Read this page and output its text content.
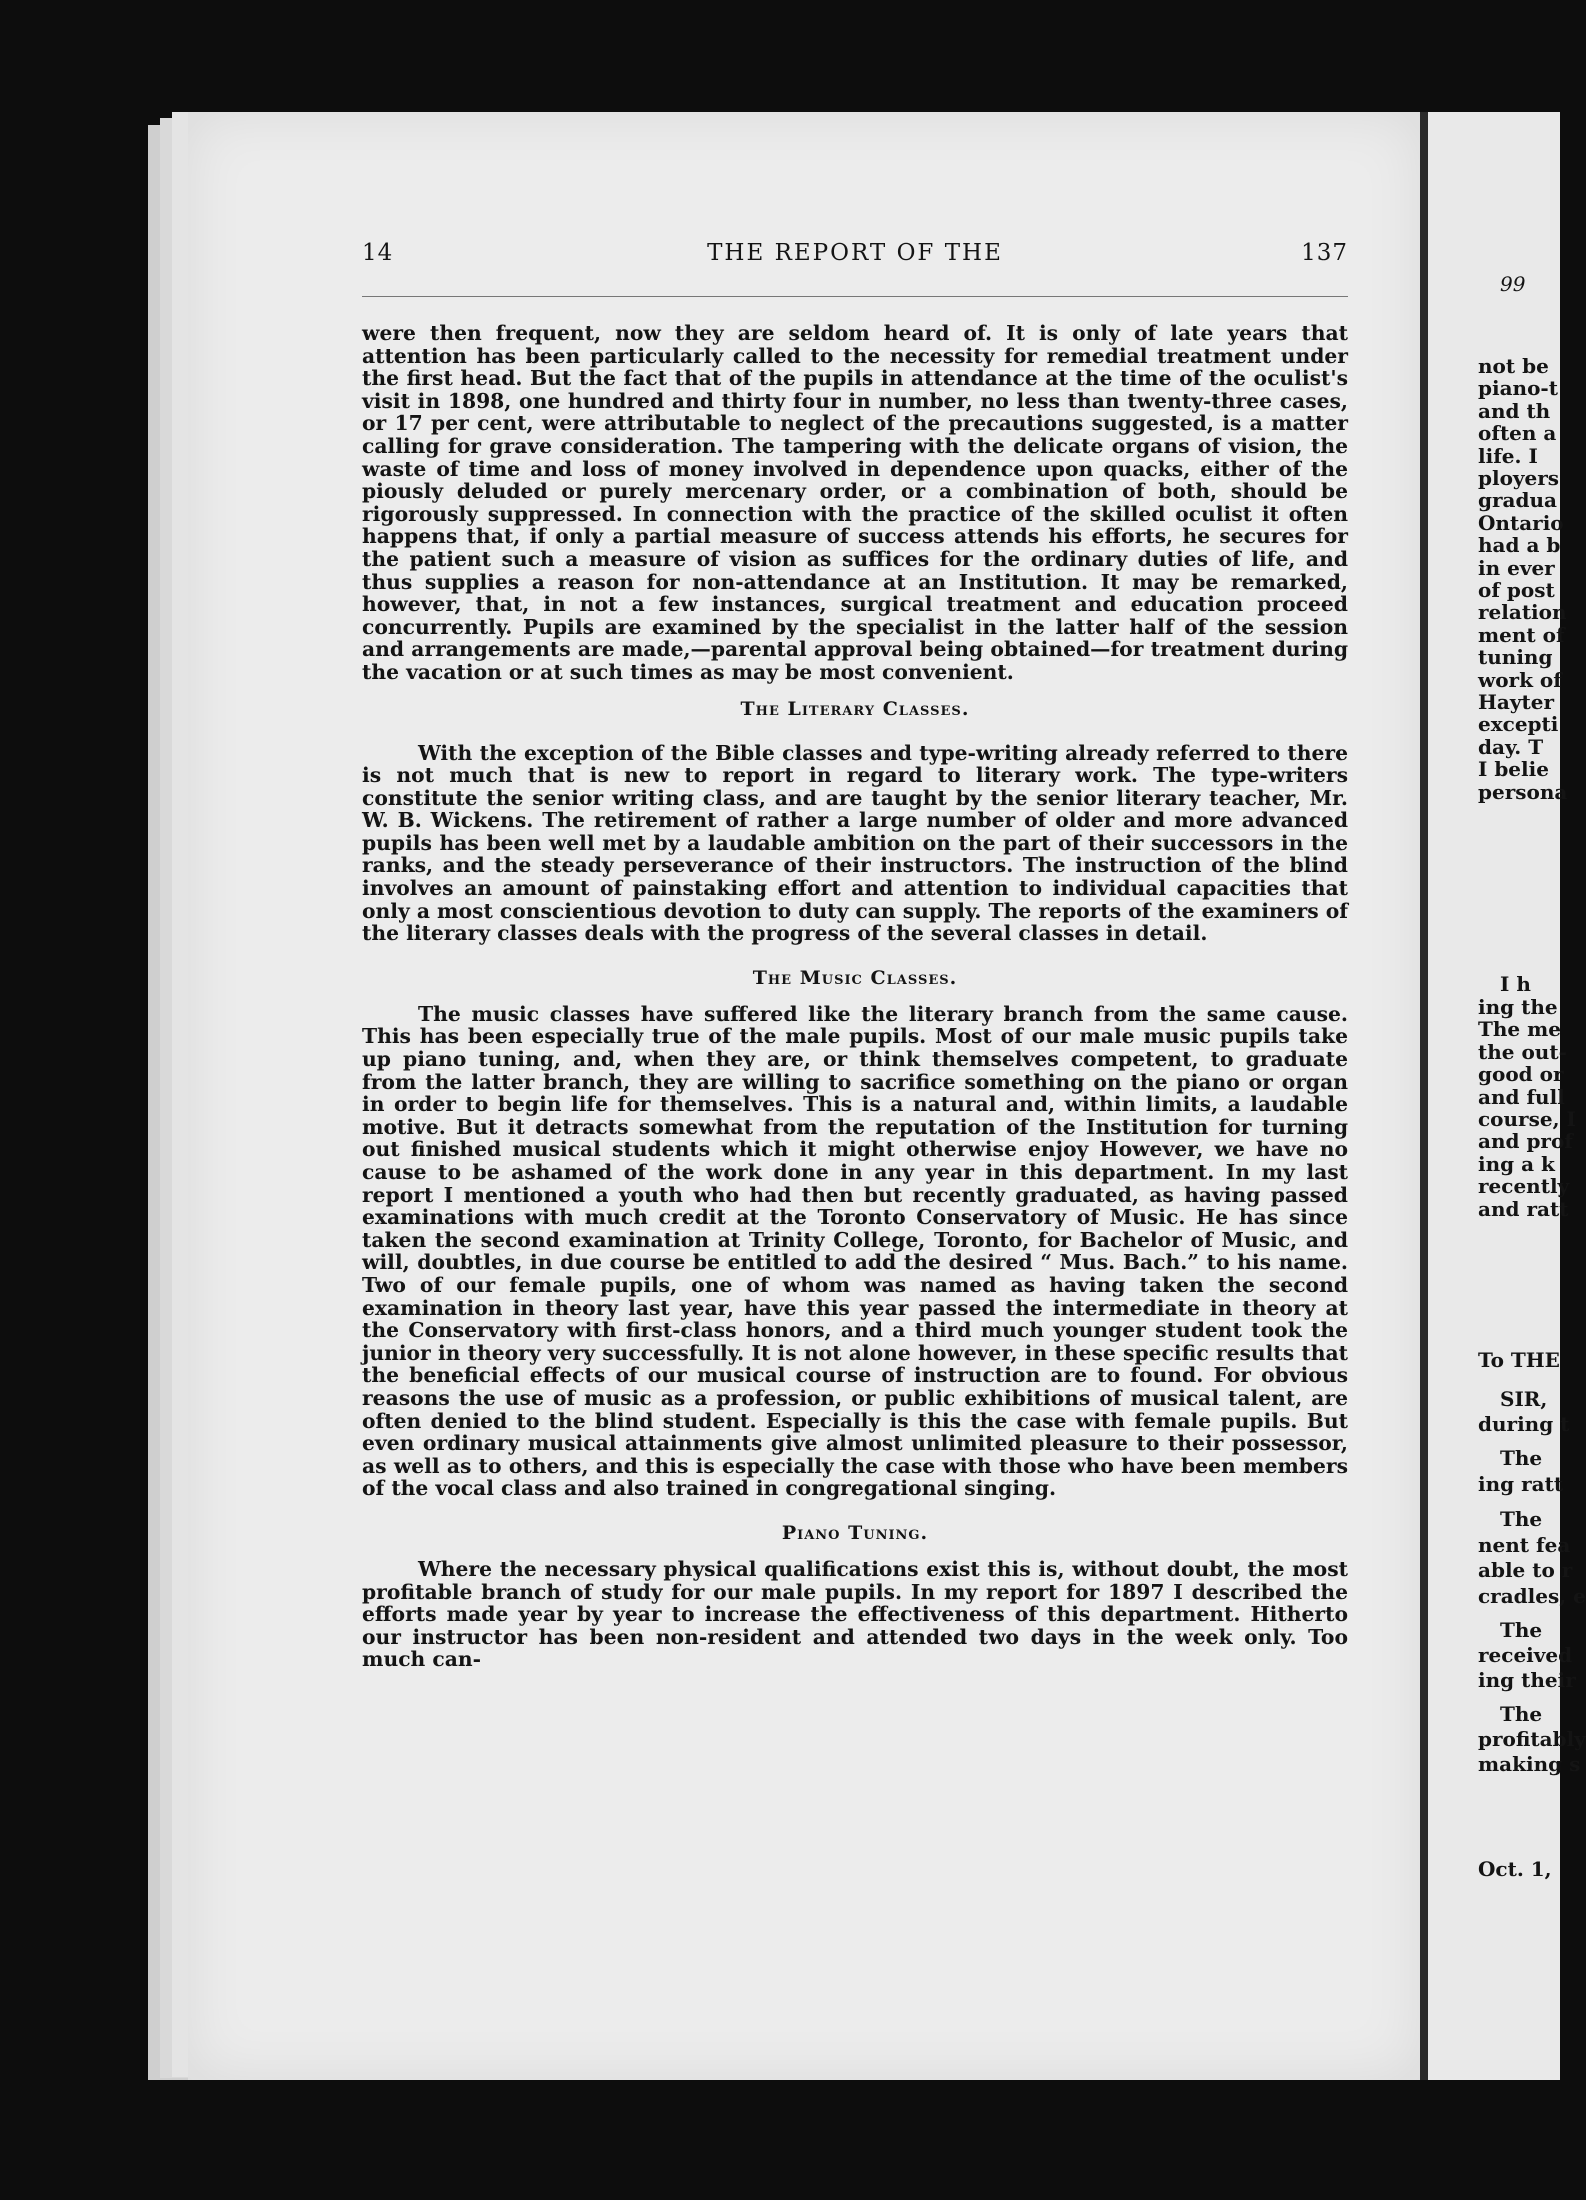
99
not be
piano-t
and th
often a
life. I
ployers
gradua
Ontario
had a b
in ever
of post
relation
ment of
tuning
work of
Hayter
excepti
day. T
I belie
persona
I h
ing the
The me
the out-
good or
and full
course, I
and prof
ing a k
recently
and ratt
To THE
SIR,
during t
The
ing ratt
The
nent fea
able to r
cradles, e
The
received
ing their
The
profitably
making s
Oct. 1,
14	THE REPORT OF THE	137

were then frequent, now they are seldom heard of. It is only of late years that attention has been particularly called to the necessity for remedial treatment under the first head. But the fact that of the pupils in attendance at the time of the oculist's visit in 1898, one hundred and thirty four in number, no less than twenty-three cases, or 17 per cent, were attributable to neglect of the precautions suggested, is a matter calling for grave consideration. The tampering with the delicate organs of vision, the waste of time and loss of money involved in dependence upon quacks, either of the piously deluded or purely mercenary order, or a combination of both, should be rigorously suppressed. In connection with the practice of the skilled oculist it often happens that, if only a partial measure of success attends his efforts, he secures for the patient such a measure of vision as suffices for the ordinary duties of life, and thus supplies a reason for non-attendance at an Institution. It may be remarked, however, that, in not a few instances, surgical treatment and education proceed concurrently. Pupils are examined by the specialist in the latter half of the session and arrangements are made,—parental approval being obtained—for treatment during the vacation or at such times as may be most convenient.

The Literary Classes.

With the exception of the Bible classes and type-writing already referred to there is not much that is new to report in regard to literary work. The type-writers constitute the senior writing class, and are taught by the senior literary teacher, Mr. W. B. Wickens. The retirement of rather a large number of older and more advanced pupils has been well met by a laudable ambition on the part of their successors in the ranks, and the steady perseverance of their instructors. The instruction of the blind involves an amount of painstaking effort and attention to individual capacities that only a most conscientious devotion to duty can supply. The reports of the examiners of the literary classes deals with the progress of the several classes in detail.

The Music Classes.

The music classes have suffered like the literary branch from the same cause. This has been especially true of the male pupils. Most of our male music pupils take up piano tuning, and, when they are, or think themselves competent, to graduate from the latter branch, they are willing to sacrifice something on the piano or organ in order to begin life for themselves. This is a natural and, within limits, a laudable motive. But it detracts somewhat from the reputation of the Institution for turning out finished musical students which it might otherwise enjoy However, we have no cause to be ashamed of the work done in any year in this department. In my last report I mentioned a youth who had then but recently graduated, as having passed examinations with much credit at the Toronto Conservatory of Music. He has since taken the second examination at Trinity College, Toronto, for Bachelor of Music, and will, doubtles, in due course be entitled to add the desired “ Mus. Bach.” to his name. Two of our female pupils, one of whom was named as having taken the second examination in theory last year, have this year passed the intermediate in theory at the Conservatory with first-class honors, and a third much younger student took the junior in theory very successfully. It is not alone however, in these specific results that the beneficial effects of our musical course of instruction are to found. For obvious reasons the use of music as a profession, or public exhibitions of musical talent, are often denied to the blind student. Especially is this the case with female pupils. But even ordinary musical attainments give almost unlimited pleasure to their possessor, as well as to others, and this is especially the case with those who have been members of the vocal class and also trained in congregational singing.

Piano Tuning.

Where the necessary physical qualifications exist this is, without doubt, the most profitable branch of study for our male pupils. In my report for 1897 I described the efforts made year by year to increase the effectiveness of this department. Hitherto our instructor has been non-resident and attended two days in the week only. Too much can-
